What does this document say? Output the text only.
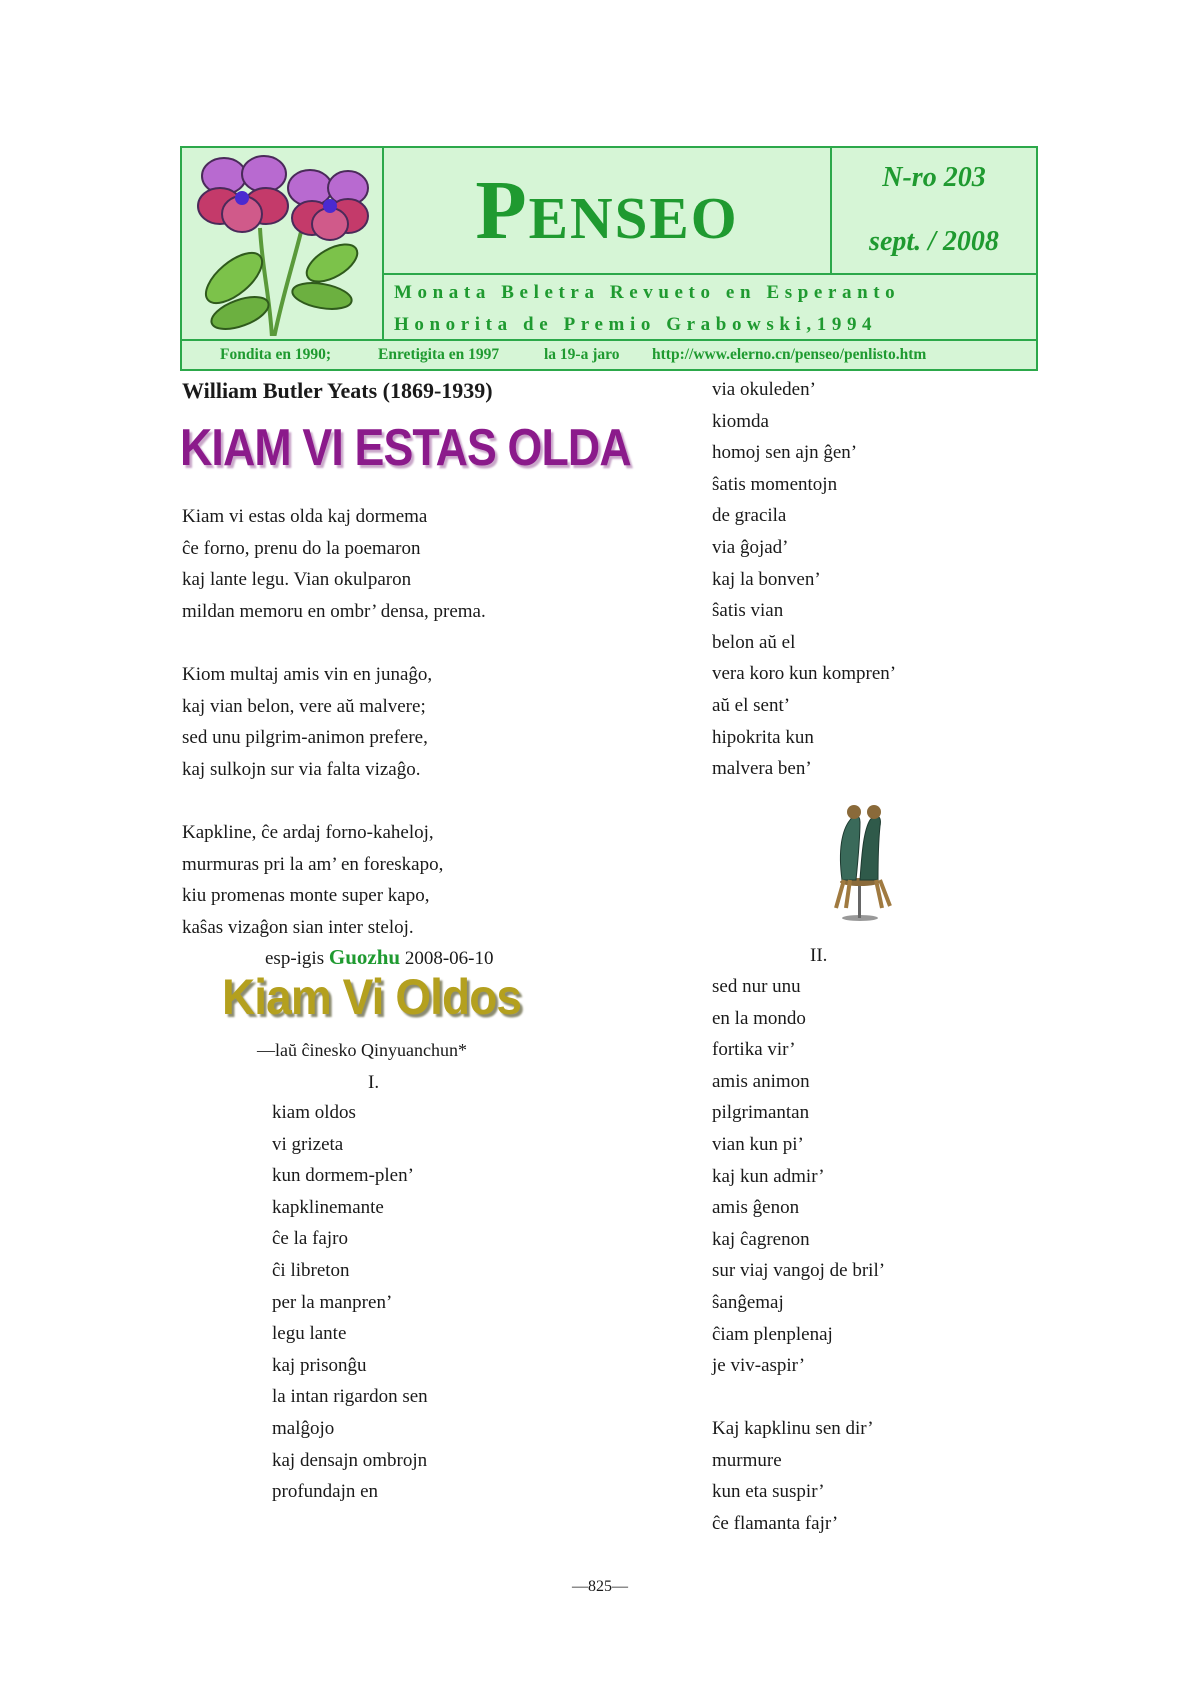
Penseo	N-ro 203
sept. / 2008
Monata Beletra Revueto en Esperanto
Honorita de Premio Grabowski,1994
Fondita en 1990;	Enretigita en 1997	la 19-a jaro http://www.elerno.cn/penseo/penlisto.htm
William Butler Yeats (1869-1939)
KIAM VI ESTAS OLDA
Kiam vi estas olda kaj dormema
ĉe forno, prenu do la poemaron
kaj lante legu. Vian okulparon
mildan memoru en ombr’ densa, prema.
Kiom multaj amis vin en junaĝo,
kaj vian belon, vere aŭ malvere;
sed unu pilgrim-animon prefere,
kaj sulkojn sur via falta vizaĝo.
Kapkline, ĉe ardaj forno-kaheloj,
murmuras pri la am’ en foreskapo,
kiu promenas monte super kapo,
kaŝas vizaĝon sian inter steloj.
esp-igis Guozhu 2008-06-10
Kiam Vi Oldos
—laŭ ĉinesko Qinyuanchun*
I.
kiam oldos
vi grizeta
kun dormem-plen’
kapklinemante
ĉe la fajro
ĉi libreton
per la manpren’
legu lante
kaj prisonĝu
la intan rigardon sen
malĝojo
kaj densajn ombrojn
profundajn en
via okuleden’
kiomda
homoj sen ajn ĝen’
ŝatis momentojn
de gracila
via ĝojad’
kaj la bonven’
ŝatis vian
belon aŭ el
vera koro kun kompren’
aŭ el sent’
hipokrita kun
malvera ben’
II.
sed nur unu
en la mondo
fortika vir’
amis animon
pilgrimantan
vian kun pi’
kaj kun admir’
amis ĝenon
kaj ĉagrenon
sur viaj vangoj de bril’
ŝanĝemaj
ĉiam plenplenaj
je viv-aspir’
Kaj kapklinu sen dir’
murmure
kun eta suspir’
ĉe flamanta fajr’
—825—
